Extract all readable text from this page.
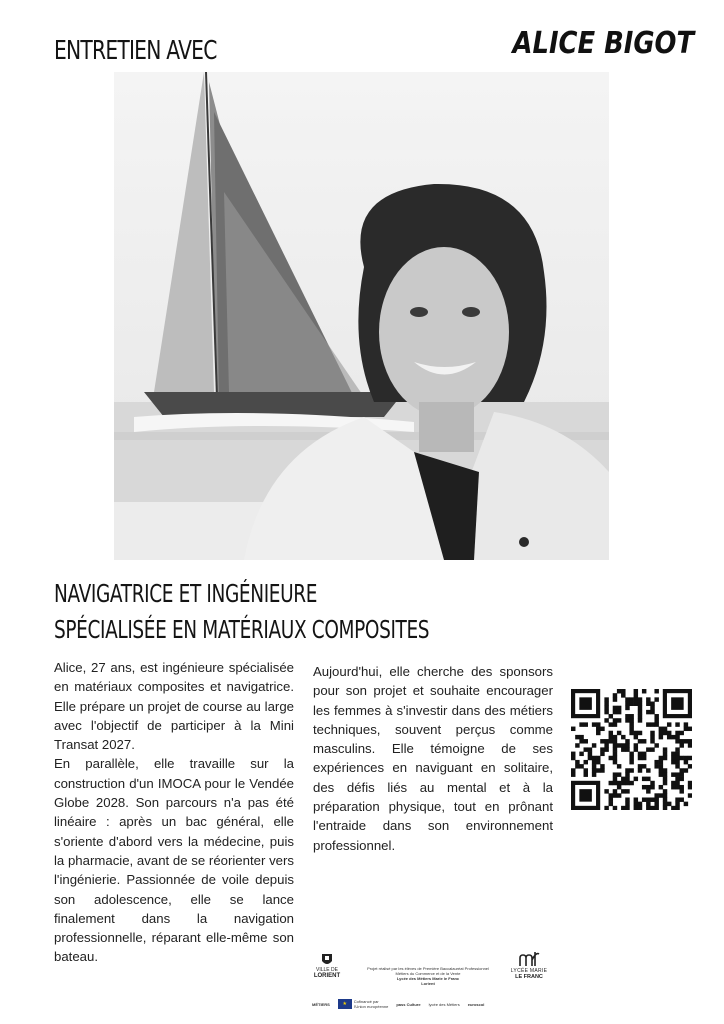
ENTRETIEN AVEC	ALICE BIGOT
NAVIGATRICE ET INGÉNIEURE
SPÉCIALISÉE EN MATÉRIAUX COMPOSITES

Alice, 27 ans, est ingénieure spécialisée en matériaux composites et navigatrice. Elle prépare un projet de course au large avec l'objectif de participer à la Mini Transat 2027.

En parallèle, elle travaille sur la construction d'un IMOCA pour le Vendée Globe 2028. Son parcours n'a pas été linéaire : après un bac général, elle s'oriente d'abord vers la médecine, puis la pharmacie, avant de se réorienter vers l'ingénierie. Passionnée de voile depuis son adolescence, elle se lance finalement dans la navigation professionnelle, réparant elle-même son bateau.

Aujourd'hui, elle cherche des sponsors pour son projet et souhaite encourager les femmes à s'investir dans des métiers techniques, souvent perçus comme masculins. Elle témoigne de ses expériences en naviguant en solitaire, des défis liés au mental et à la préparation physique, tout en prônant l'entraide dans son environnement professionnel.

VILLE DE
LORIENT
Projet réalisé par les élèves de Première Baccalauréat Professionnel
Métiers du Commerce et de la Vente
Lycée des Métiers Marie le Franc
Lorient
LYCÉE MARIE
LE FRANC
MÉTIERS	★	Cofinancé par
l'Union européenne pass Culture lycée des Métiers euroscol
